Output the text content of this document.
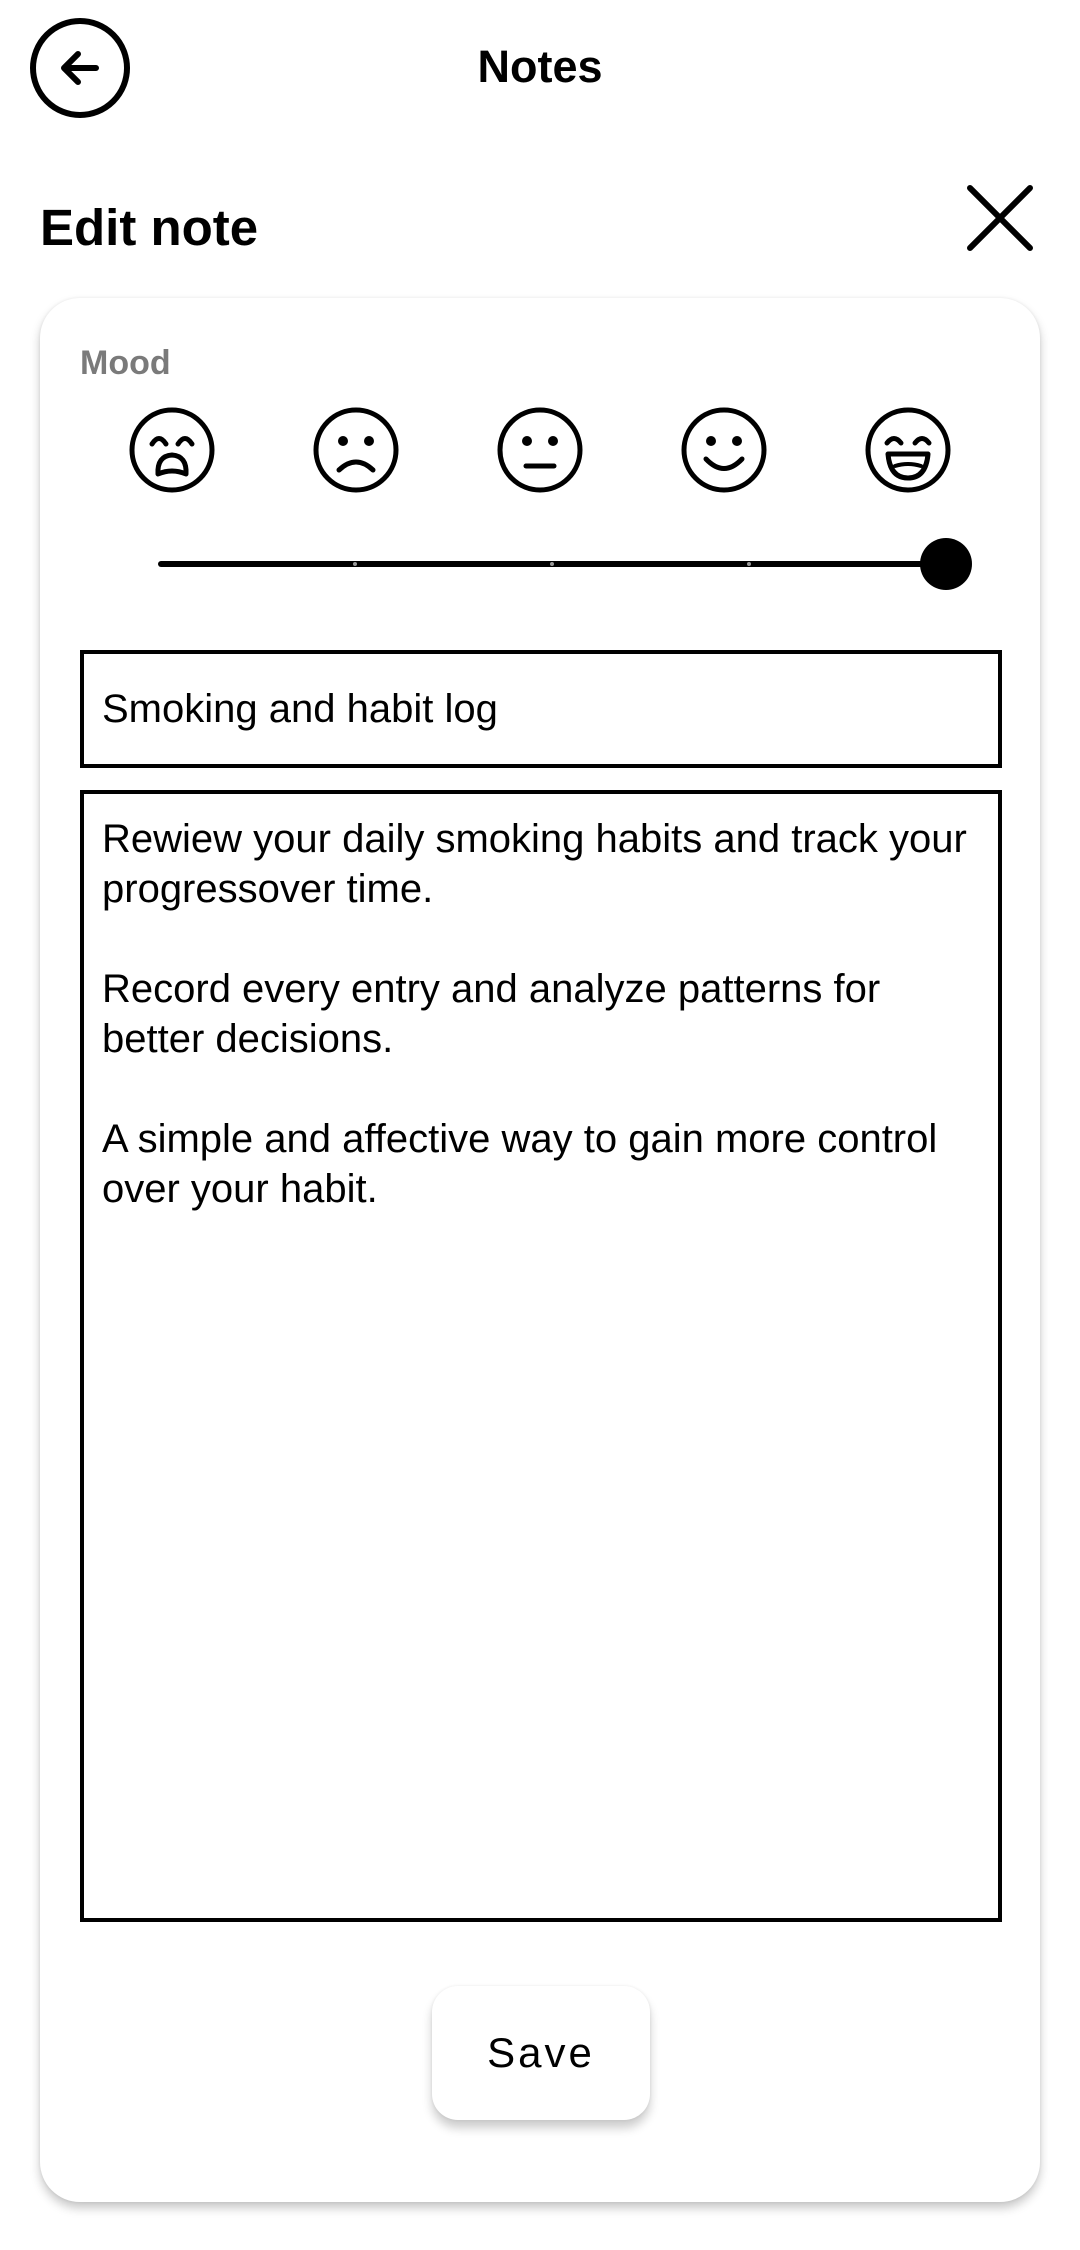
Notes
Edit note
Mood
Smoking and habit log
Rewiew your daily smoking habits and track your progressover time.

Record every entry and analyze patterns for better decisions.

A simple and affective way to gain more control over your habit.
Save
